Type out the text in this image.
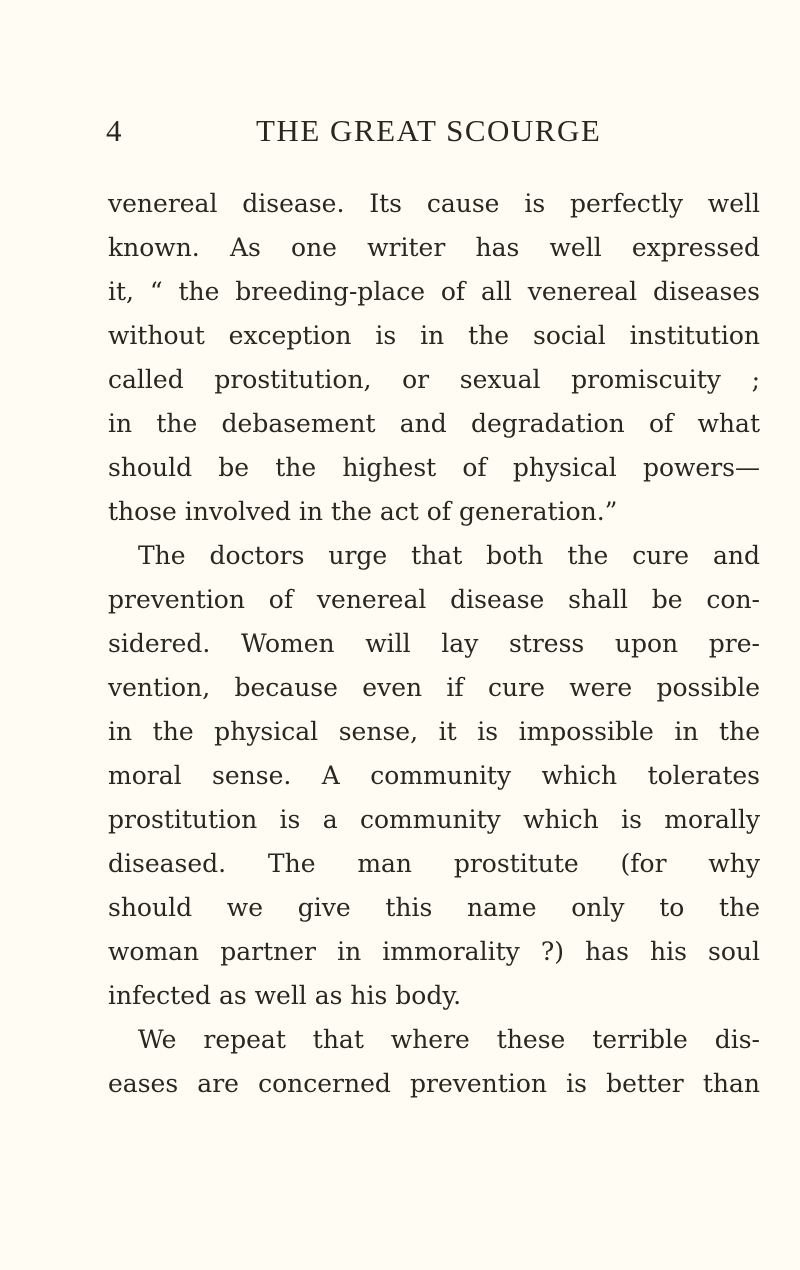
4	THE GREAT SCOURGE
venereal disease. Its cause is perfectly well
known. As one writer has well expressed
it, “ the breeding-place of all venereal diseases
without exception is in the social institution
called prostitution, or sexual promiscuity ;
in the debasement and degradation of what
should be the highest of physical powers—
those involved in the act of generation.”
The doctors urge that both the cure and
prevention of venereal disease shall be con-
sidered. Women will lay stress upon pre-
vention, because even if cure were possible
in the physical sense, it is impossible in the
moral sense. A community which tolerates
prostitution is a community which is morally
diseased. The man prostitute (for why
should we give this name only to the
woman partner in immorality ?) has his soul
infected as well as his body.
We repeat that where these terrible dis-
eases are concerned prevention is better than
